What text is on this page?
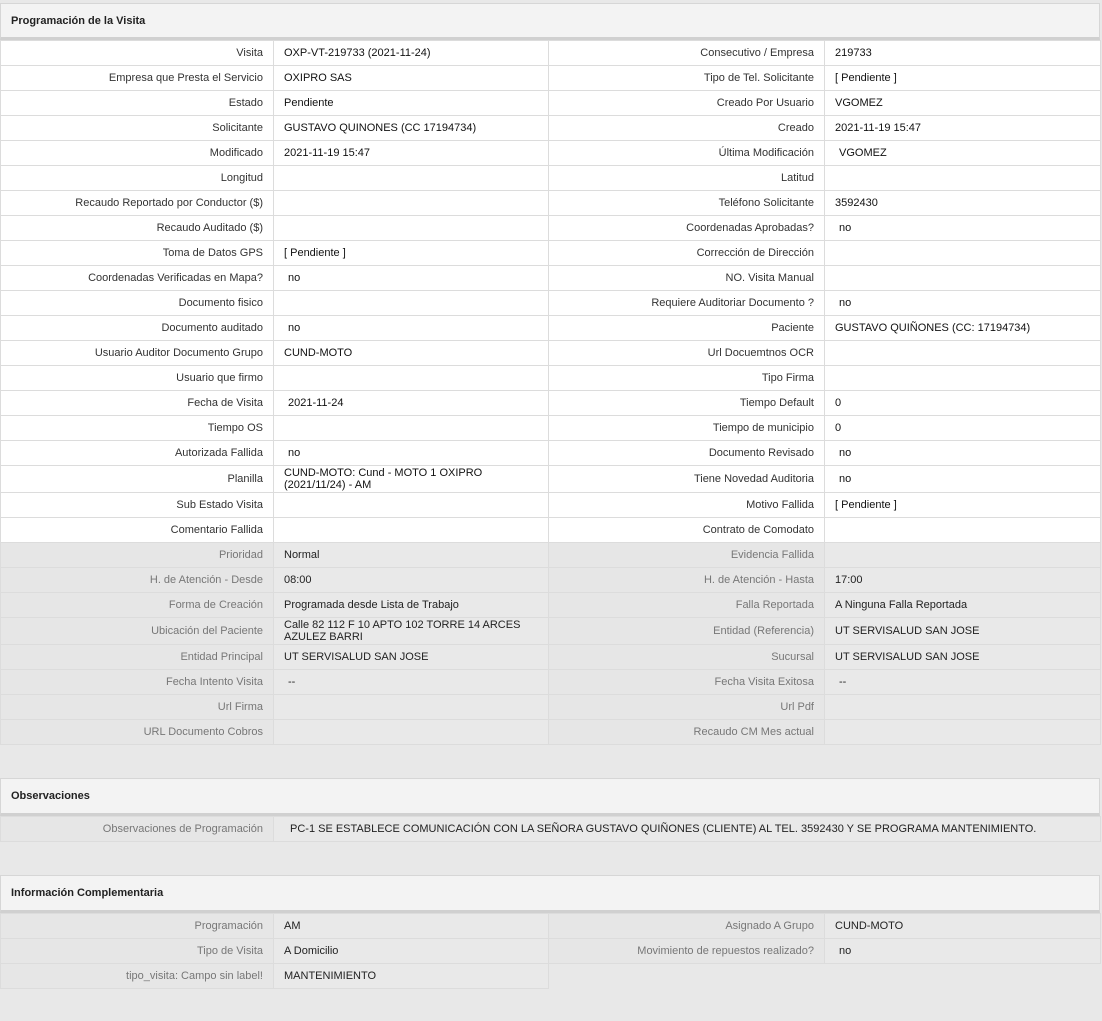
Programación de la Visita
Visita	OXP-VT-219733 (2021-11-24)	Consecutivo / Empresa	219733
Empresa que Presta el Servicio	OXIPRO SAS	Tipo de Tel. Solicitante	[ Pendiente ]
Estado	Pendiente	Creado Por Usuario	VGOMEZ
Solicitante	GUSTAVO QUINONES (CC 17194734)	Creado	2021-11-19 15:47
Modificado	2021-11-19 15:47	Última Modificación	VGOMEZ
Longitud		Latitud	
Recaudo Reportado por Conductor ($)		Teléfono Solicitante	3592430
Recaudo Auditado ($)		Coordenadas Aprobadas?	no
Toma de Datos GPS	[ Pendiente ]	Corrección de Dirección	
Coordenadas Verificadas en Mapa?	no	NO. Visita Manual	
Documento fisico		Requiere Auditoriar Documento ?	no
Documento auditado	no	Paciente	GUSTAVO QUIÑONES (CC: 17194734)
Usuario Auditor Documento Grupo	CUND-MOTO	Url Docuemtnos OCR	
Usuario que firmo		Tipo Firma	
Fecha de Visita	2021-11-24	Tiempo Default	0
Tiempo OS		Tiempo de municipio	0
Autorizada Fallida	no	Documento Revisado	no
Planilla	CUND-MOTO: Cund - MOTO 1 OXIPRO (2021/11/24) - AM	Tiene Novedad Auditoria	no
Sub Estado Visita		Motivo Fallida	[ Pendiente ]
Comentario Fallida		Contrato de Comodato	
Prioridad	Normal	Evidencia Fallida	
H. de Atención - Desde	08:00	H. de Atención - Hasta	17:00
Forma de Creación	Programada desde Lista de Trabajo	Falla Reportada	A Ninguna Falla Reportada
Ubicación del Paciente	Calle 82 112 F 10 APTO 102 TORRE 14 ARCES AZULEZ BARRI	Entidad (Referencia)	UT SERVISALUD SAN JOSE
Entidad Principal	UT SERVISALUD SAN JOSE	Sucursal	UT SERVISALUD SAN JOSE
Fecha Intento Visita	--	Fecha Visita Exitosa	--
Url Firma		Url Pdf	
URL Documento Cobros		Recaudo CM Mes actual	
Observaciones
Observaciones de Programación	PC-1 SE ESTABLECE COMUNICACIÓN CON LA SEÑORA GUSTAVO QUIÑONES (CLIENTE) AL TEL. 3592430 Y SE PROGRAMA MANTENIMIENTO.
Información Complementaria
Programación	AM	Asignado A Grupo	CUND-MOTO
Tipo de Visita	A Domicilio	Movimiento de repuestos realizado?	no
tipo_visita: Campo sin label!	MANTENIMIENTO		
